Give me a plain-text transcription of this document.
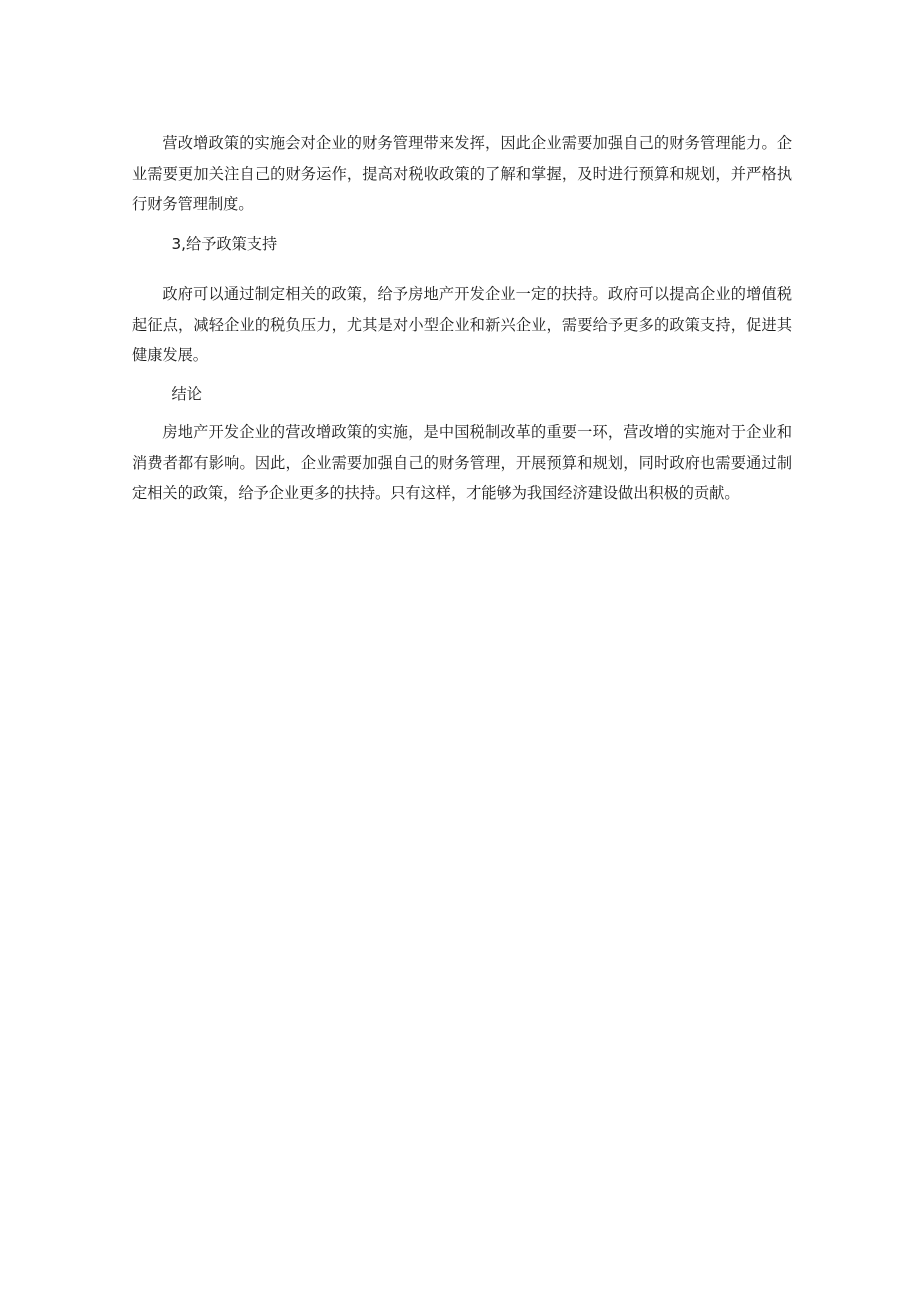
营改增政策的实施会对企业的财务管理带来发挥，因此企业需要加强自己的财务管理能力。企业需要更加关注自己的财务运作，提高对税收政策的了解和掌握，及时进行预算和规划，并严格执行财务管理制度。

3,给予政策支持

政府可以通过制定相关的政策，给予房地产开发企业一定的扶持。政府可以提高企业的增值税起征点，减轻企业的税负压力，尤其是对小型企业和新兴企业，需要给予更多的政策支持，促进其健康发展。

结论

房地产开发企业的营改增政策的实施，是中国税制改革的重要一环，营改增的实施对于企业和消费者都有影响。因此，企业需要加强自己的财务管理，开展预算和规划，同时政府也需要通过制定相关的政策，给予企业更多的扶持。只有这样，才能够为我国经济建设做出积极的贡献。
